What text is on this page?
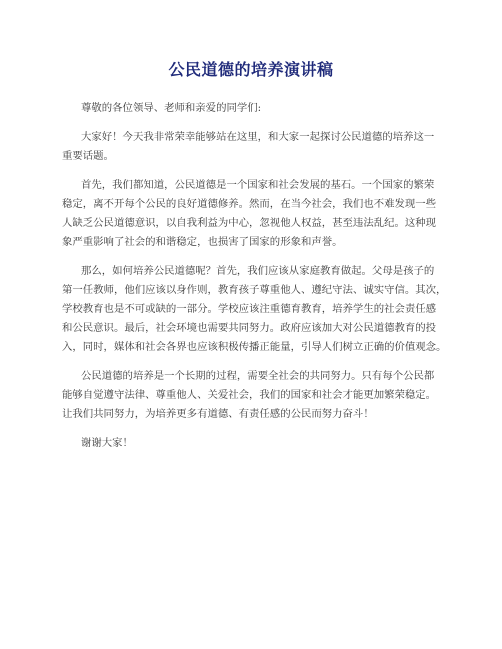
公民道德的培养演讲稿
尊敬的各位领导、老师和亲爱的同学们:
大家好！今天我非常荣幸能够站在这里，和大家一起探讨公民道德的培养这一
重要话题。
首先，我们都知道，公民道德是一个国家和社会发展的基石。一个国家的繁荣
稳定，离不开每个公民的良好道德修养。然而，在当今社会，我们也不难发现一些
人缺乏公民道德意识，以自我利益为中心，忽视他人权益，甚至违法乱纪。这种现
象严重影响了社会的和谐稳定，也损害了国家的形象和声誉。
那么，如何培养公民道德呢？首先，我们应该从家庭教育做起。父母是孩子的
第一任教师，他们应该以身作则，教育孩子尊重他人、遵纪守法、诚实守信。其次，
学校教育也是不可或缺的一部分。学校应该注重德育教育，培养学生的社会责任感
和公民意识。最后，社会环境也需要共同努力。政府应该加大对公民道德教育的投
入，同时，媒体和社会各界也应该积极传播正能量，引导人们树立正确的价值观念。
公民道德的培养是一个长期的过程，需要全社会的共同努力。只有每个公民都
能够自觉遵守法律、尊重他人、关爱社会，我们的国家和社会才能更加繁荣稳定。
让我们共同努力，为培养更多有道德、有责任感的公民而努力奋斗！
谢谢大家！
